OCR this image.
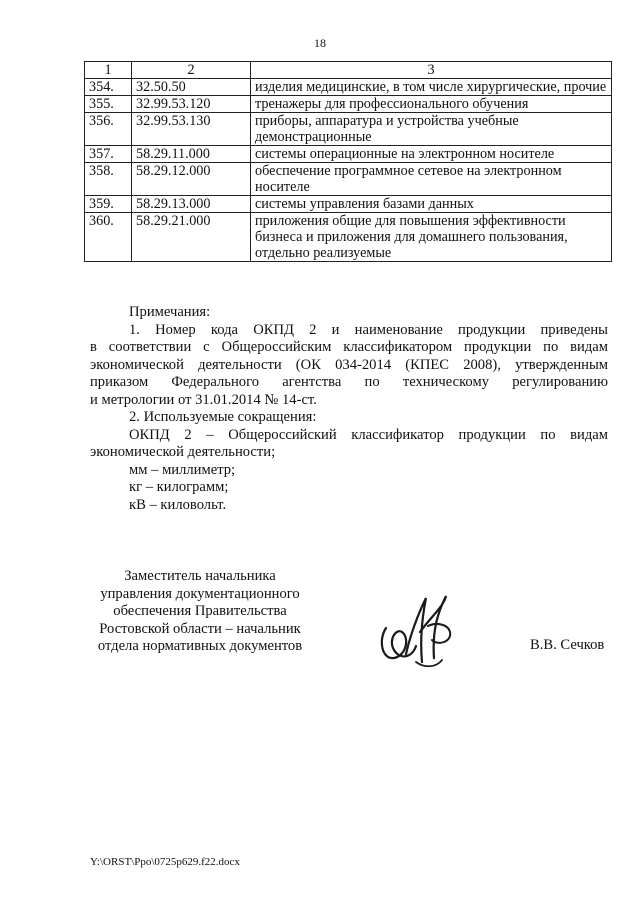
18
1	2	3
354.	32.50.50	изделия медицинские, в том числе хирургические, прочие
355.	32.99.53.120	тренажеры для профессионального обучения
356.	32.99.53.130	приборы, аппаратура и устройства учебные демонстрационные
357.	58.29.11.000	системы операционные на электронном носителе
358.	58.29.12.000	обеспечение программное сетевое на электронном носителе
359.	58.29.13.000	системы управления базами данных
360.	58.29.21.000	приложения общие для повышения эффективности бизнеса и приложения для домашнего пользования, отдельно реализуемые

Примечания:

1. Номер кода ОКПД 2 и наименование продукции приведены

в соответствии с Общероссийским классификатором продукции по видам

экономической деятельности (ОК 034-2014 (КПЕС 2008), утвержденным

приказом Федерального агентства по техническому регулированию

и метрологии от 31.01.2014 № 14-ст.

2. Используемые сокращения:

ОКПД 2 – Общероссийский классификатор продукции по видам

экономической деятельности;

мм – миллиметр;

кг – килограмм;

кВ – киловольт.

Заместитель начальника
управления документационного
обеспечения Правительства
Ростовской области – начальник
отдела нормативных документов	В.В. Сечков
Y:\ORST\Ppo\0725p629.f22.docx
